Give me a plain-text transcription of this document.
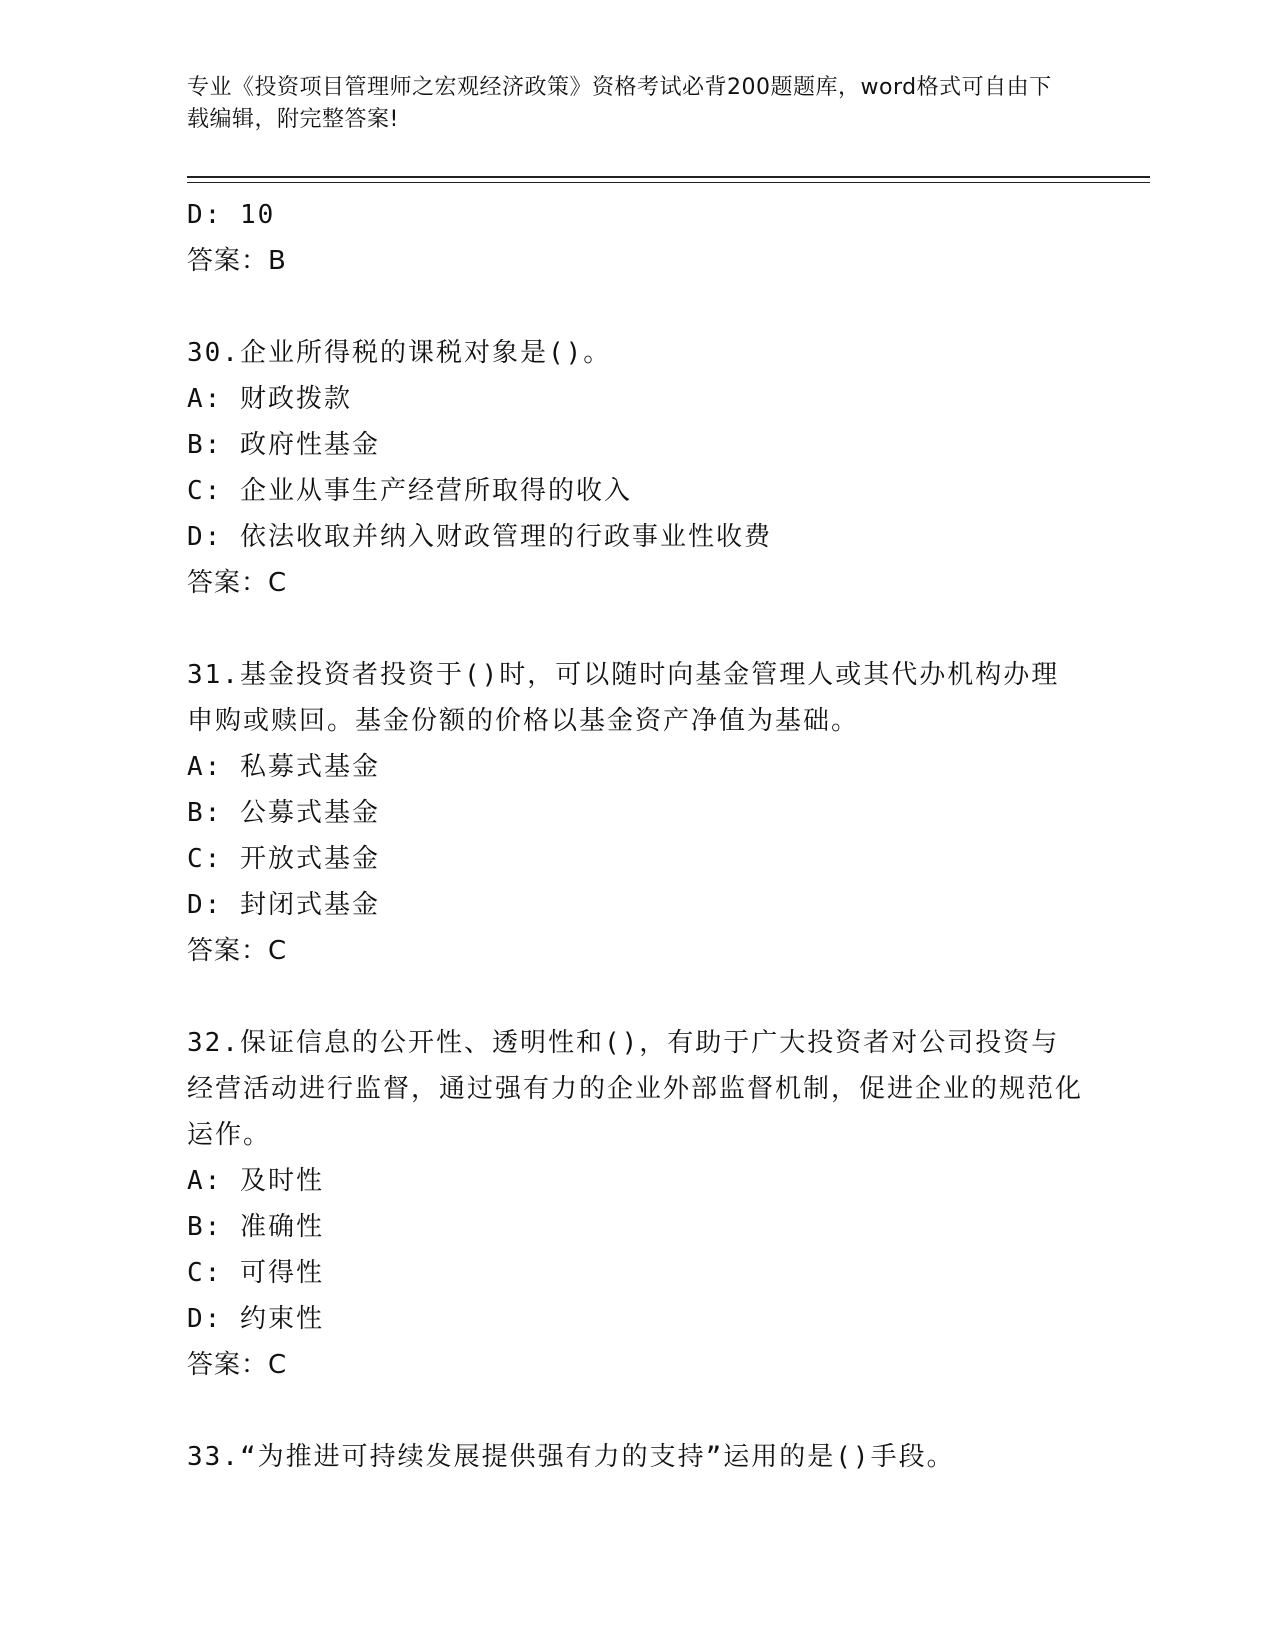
专业《投资项目管理师之宏观经济政策》资格考试必背200题题库，word格式可自由下载编辑，附完整答案!

D: 10

答案：B

30.企业所得税的课税对象是()。

A: 财政拨款

B: 政府性基金

C: 企业从事生产经营所取得的收入

D: 依法收取并纳入财政管理的行政事业性收费

答案：C

31.基金投资者投资于()时，可以随时向基金管理人或其代办机构办理申购或赎回。基金份额的价格以基金资产净值为基础。

A: 私募式基金

B: 公募式基金

C: 开放式基金

D: 封闭式基金

答案：C

32.保证信息的公开性、透明性和()，有助于广大投资者对公司投资与经营活动进行监督，通过强有力的企业外部监督机制，促进企业的规范化运作。

A: 及时性

B: 准确性

C: 可得性

D: 约束性

答案：C

33.“为推进可持续发展提供强有力的支持”运用的是()手段。
